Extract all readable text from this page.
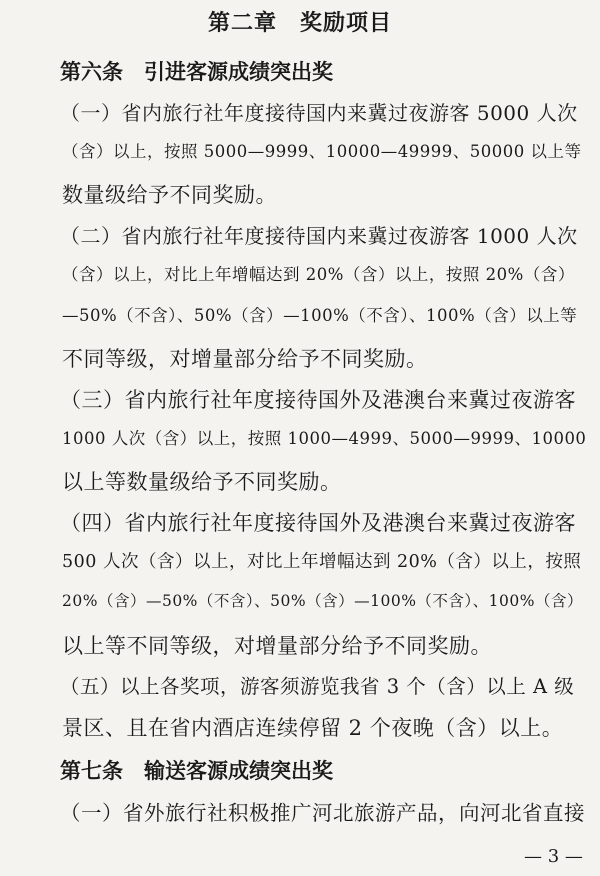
第二章　奖励项目
第六条　引进客源成绩突出奖
（一）省内旅行社年度接待国内来冀过夜游客 5000 人次
（含）以上，按照 5000—9999、10000—49999、50000 以上等
数量级给予不同奖励。
（二）省内旅行社年度接待国内来冀过夜游客 1000 人次
（含）以上，对比上年增幅达到 20%（含）以上，按照 20%（含）
—50%（不含）、50%（含）—100%（不含）、100%（含）以上等
不同等级，对增量部分给予不同奖励。
（三）省内旅行社年度接待国外及港澳台来冀过夜游客
1000 人次（含）以上，按照 1000—4999、5000—9999、10000
以上等数量级给予不同奖励。
（四）省内旅行社年度接待国外及港澳台来冀过夜游客
500 人次（含）以上，对比上年增幅达到 20%（含）以上，按照
20%（含）—50%（不含）、50%（含）—100%（不含）、100%（含）
以上等不同等级，对增量部分给予不同奖励。
（五）以上各奖项，游客须游览我省 3 个（含）以上 A 级
景区、且在省内酒店连续停留 2 个夜晚（含）以上。
第七条　输送客源成绩突出奖
（一）省外旅行社积极推广河北旅游产品，向河北省直接
— 3 —
